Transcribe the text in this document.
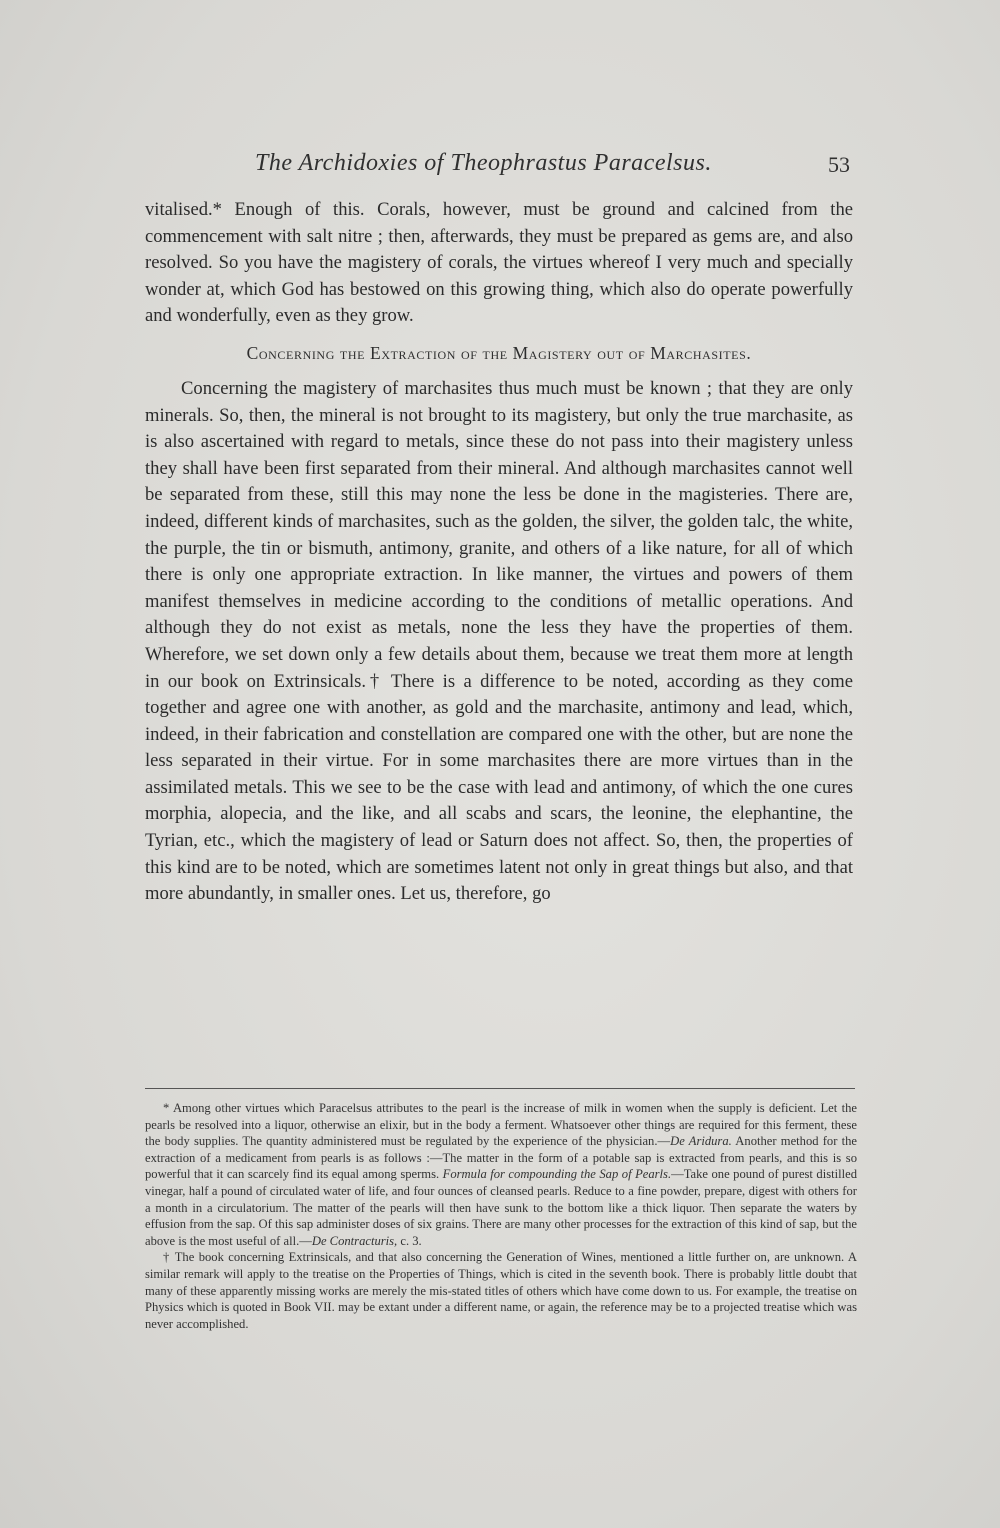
The Archidoxies of Theophrastus Paracelsus.	53

vitalised.* Enough of this. Corals, however, must be ground and calcined from the commencement with salt nitre ; then, afterwards, they must be prepared as gems are, and also resolved. So you have the magistery of corals, the virtues whereof I very much and specially wonder at, which God has bestowed on this growing thing, which also do operate powerfully and wonderfully, even as they grow.

Concerning the Extraction of the Magistery out of Marchasites.

Concerning the magistery of marchasites thus much must be known ; that they are only minerals. So, then, the mineral is not brought to its magistery, but only the true marchasite, as is also ascertained with regard to metals, since these do not pass into their magistery unless they shall have been first separated from their mineral. And although marchasites cannot well be separated from these, still this may none the less be done in the magisteries. There are, indeed, different kinds of marchasites, such as the golden, the silver, the golden talc, the white, the purple, the tin or bismuth, antimony, granite, and others of a like nature, for all of which there is only one appropriate extraction. In like manner, the virtues and powers of them manifest themselves in medicine according to the conditions of metallic operations. And although they do not exist as metals, none the less they have the properties of them. Wherefore, we set down only a few details about them, because we treat them more at length in our book on Extrinsicals.† There is a difference to be noted, according as they come together and agree one with another, as gold and the marchasite, antimony and lead, which, indeed, in their fabrication and constellation are compared one with the other, but are none the less separated in their virtue. For in some marchasites there are more virtues than in the assimilated metals. This we see to be the case with lead and antimony, of which the one cures morphia, alopecia, and the like, and all scabs and scars, the leonine, the elephantine, the Tyrian, etc., which the magistery of lead or Saturn does not affect. So, then, the properties of this kind are to be noted, which are sometimes latent not only in great things but also, and that more abundantly, in smaller ones. Let us, therefore, go

* Among other virtues which Paracelsus attributes to the pearl is the increase of milk in women when the supply is deficient. Let the pearls be resolved into a liquor, otherwise an elixir, but in the body a ferment. Whatsoever other things are required for this ferment, these the body supplies. The quantity administered must be regulated by the experience of the physician.—De Aridura. Another method for the extraction of a medicament from pearls is as follows :—The matter in the form of a potable sap is extracted from pearls, and this is so powerful that it can scarcely find its equal among sperms. Formula for compounding the Sap of Pearls.—Take one pound of purest distilled vinegar, half a pound of circulated water of life, and four ounces of cleansed pearls. Reduce to a fine powder, prepare, digest with others for a month in a circulatorium. The matter of the pearls will then have sunk to the bottom like a thick liquor. Then separate the waters by effusion from the sap. Of this sap administer doses of six grains. There are many other processes for the extraction of this kind of sap, but the above is the most useful of all.—De Contracturis, c. 3.

† The book concerning Extrinsicals, and that also concerning the Generation of Wines, mentioned a little further on, are unknown. A similar remark will apply to the treatise on the Properties of Things, which is cited in the seventh book. There is probably little doubt that many of these apparently missing works are merely the mis-stated titles of others which have come down to us. For example, the treatise on Physics which is quoted in Book VII. may be extant under a different name, or again, the reference may be to a projected treatise which was never accomplished.
